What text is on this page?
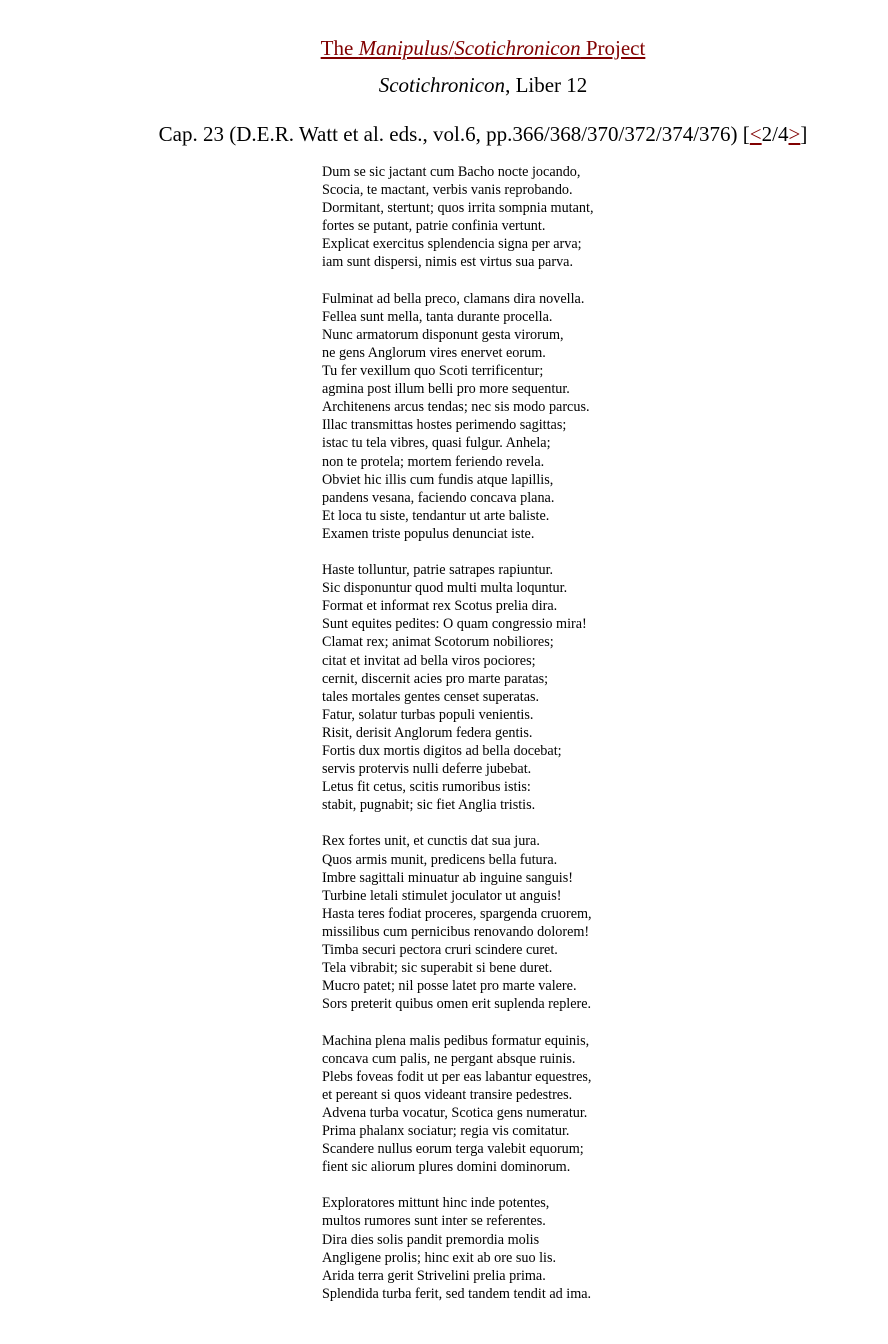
The Manipulus/Scotichronicon Project
Scotichronicon, Liber 12
Cap. 23 (D.E.R. Watt et al. eds., vol.6, pp.366/368/370/372/374/376) [<2/4>]
Dum se sic jactant cum Bacho nocte jocando,
Scocia, te mactant, verbis vanis reprobando.
Dormitant, stertunt; quos irrita sompnia mutant,
fortes se putant, patrie confinia vertunt.
Explicat exercitus splendencia signa per arva;
iam sunt dispersi, nimis est virtus sua parva.
Fulminat ad bella preco, clamans dira novella.
Fellea sunt mella, tanta durante procella.
Nunc armatorum disponunt gesta virorum,
ne gens Anglorum vires enervet eorum.
Tu fer vexillum quo Scoti terrificentur;
agmina post illum belli pro more sequentur.
Architenens arcus tendas; nec sis modo parcus.
Illac transmittas hostes perimendo sagittas;
istac tu tela vibres, quasi fulgur. Anhela;
non te protela; mortem feriendo revela.
Obviet hic illis cum fundis atque lapillis,
pandens vesana, faciendo concava plana.
Et loca tu siste, tendantur ut arte baliste.
Examen triste populus denunciat iste.
Haste tolluntur, patrie satrapes rapiuntur.
Sic disponuntur quod multi multa loquntur.
Format et informat rex Scotus prelia dira.
Sunt equites pedites: O quam congressio mira!
Clamat rex; animat Scotorum nobiliores;
citat et invitat ad bella viros pociores;
cernit, discernit acies pro marte paratas;
tales mortales gentes censet superatas.
Fatur, solatur turbas populi venientis.
Risit, derisit Anglorum federa gentis.
Fortis dux mortis digitos ad bella docebat;
servis protervis nulli deferre jubebat.
Letus fit cetus, scitis rumoribus istis:
stabit, pugnabit; sic fiet Anglia tristis.
Rex fortes unit, et cunctis dat sua jura.
Quos armis munit, predicens bella futura.
Imbre sagittali minuatur ab inguine sanguis!
Turbine letali stimulet joculator ut anguis!
Hasta teres fodiat proceres, spargenda cruorem,
missilibus cum pernicibus renovando dolorem!
Timba securi pectora cruri scindere curet.
Tela vibrabit; sic superabit si bene duret.
Mucro patet; nil posse latet pro marte valere.
Sors preterit quibus omen erit suplenda replere.
Machina plena malis pedibus formatur equinis,
concava cum palis, ne pergant absque ruinis.
Plebs foveas fodit ut per eas labantur equestres,
et pereant si quos videant transire pedestres.
Advena turba vocatur, Scotica gens numeratur.
Prima phalanx sociatur; regia vis comitatur.
Scandere nullus eorum terga valebit equorum;
fient sic aliorum plures domini dominorum.
Exploratores mittunt hinc inde potentes,
multos rumores sunt inter se referentes.
Dira dies solis pandit premordia molis
Angligene prolis; hinc exit ab ore suo lis.
Arida terra gerit Strivelini prelia prima.
Splendida turba ferit, sed tandem tendit ad ima.
